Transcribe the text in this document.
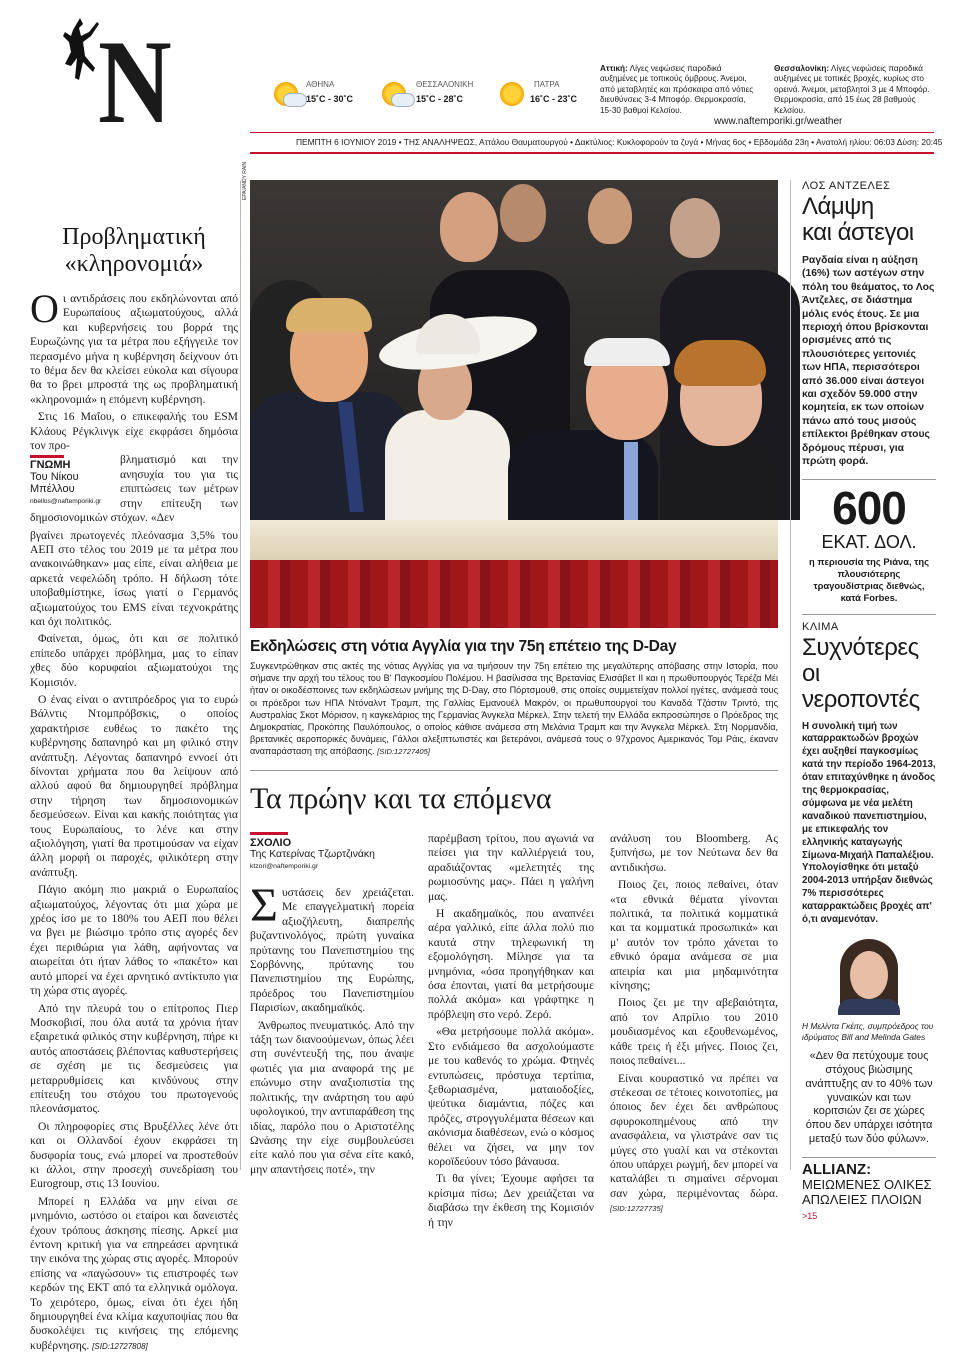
N	ΑΘΗΝΑ
15˚C - 30˚C
ΘΕΣΣΑΛΟΝΙΚΗ
15˚C - 28˚C
ΠΑΤΡΑ
16˚C - 23˚C
Αττική: Λίγες νεφώσεις παροδικά αυξημένες με τοπικούς όμβρους. Άνεμοι, από μεταβλητές και πρόσκαιρα από νότιες διευθύνσεις 3-4 Μποφόρ. Θερμοκρασία, 15-30 βαθμοί Κελσίου.
Θεσσαλονίκη: Λίγες νεφώσεις παροδικά αυξημένες με τοπικές βροχές, κυρίως στο ορεινά. Άνεμοι, μεταβλητοί 3 με 4 Μποφόρ. Θερμοκρασία, από 15 έως 28 βαθμούς Κελσίου.
www.naftemporiki.gr/weather
ΠΕΜΠΤΗ 6 ΙΟΥΝΙΟΥ 2019 • ΤΗΣ ΑΝΑΛΗΨΕΩΣ, Αττάλου Θαυματουργού • Δακτύλιος: Κυκλοφορούν τα ζυγά • Μήνας 6ος • Εβδομάδα 23η • Ανατολή ηλίου: 06:03 Δύση: 20:45
Προβληματική
«κληρονομιά»
Ο ι αντιδράσεις που εκδηλώνονται από Ευρωπαίους αξιωματούχους, αλλά και κυβερνήσεις του βορρά της Ευρωζώνης για τα μέτρα που εξήγγειλε τον περασμένο μήνα η κυβέρνηση δείχνουν ότι το θέμα δεν θα κλείσει εύκολα και σίγουρα θα το βρει μπροστά της ως προβληματική «κληρονομιά» η επόμενη κυβέρνηση.

Στις 16 Μαΐου, ο επικεφαλής του ESM Κλάους Ρέγκλινγκ είχε εκφράσει δημόσια τον προ-

ΓΝΩΜΗ
Του Νίκου
Μπέλλου
nbellos@naftemporiki.gr

βληματισμό και την ανησυχία του για τις επιπτώσεις των μέτρων στην επίτευξη των δημοσιονομικών στόχων. «Δεν

βγαίνει πρωτογενές πλεόνασμα 3,5% του ΑΕΠ στο τέλος του 2019 με τα μέτρα που ανακοινώθηκαν» μας είπε, είναι αλήθεια με αρκετά νεφελώδη τρόπο. Η δήλωση τότε υποβαθμίστηκε, ίσως γιατί ο Γερμανός αξιωματούχος του EMS είναι τεχνοκράτης και όχι πολιτικός.

Φαίνεται, όμως, ότι και σε πολιτικό επίπεδο υπάρχει πρόβλημα, μας το είπαν χθες δύο κορυφαίοι αξιωματούχοι της Κομισιόν.

Ο ένας είναι ο αντιπρόεδρος για το ευρώ Βάλντις Ντομπρόβσκις, ο οποίος χαρακτήρισε ευθέως το πακέτο της κυβέρνησης δαπανηρό και μη φιλικό στην ανάπτυξη. Λέγοντας δαπανηρό εννοεί ότι δίνονται χρήματα που θα λείψουν από αλλού αφού θα δημιουργηθεί πρόβλημα στην τήρηση των δημοσιονομικών δεσμεύσεων. Είναι και κακής ποιότητας για τους Ευρωπαίους, το λένε και στην αξιολόγηση, γιατί θα προτιμούσαν να είχαν άλλη μορφή οι παροχές, φιλικότερη στην ανάπτυξη.

Πάγιο ακόμη πιο μακριά ο Ευρωπαίος αξιωματούχος, λέγοντας ότι μια χώρα με χρέος ίσο με το 180% του ΑΕΠ που θέλει να βγει με βιώσιμο τρόπο στις αγορές δεν έχει περιθώρια για λάθη, αφήνοντας να αιωρείται ότι ήταν λάθος το «πακέτο» και αυτό μπορεί να έχει αρνητικό αντίκτυπο για τη χώρα στις αγορές.

Από την πλευρά του ο επίτροπος Πιερ Μοσκοβισί, που όλα αυτά τα χρόνια ήταν εξαιρετικά φιλικός στην κυβέρνηση, πήρε κι αυτός αποστάσεις βλέποντας καθυστερήσεις σε σχέση με τις δεσμεύσεις για μεταρρυθμίσεις και κινδύνους στην επίτευξη του στόχου του πρωτογενούς πλεονάσματος.

Οι πληροφορίες στις Βρυξέλλες λένε ότι και οι Ολλανδοί έχουν εκφράσει τη δυσφορία τους, ενώ μπορεί να προστεθούν κι άλλοι, στην προσεχή συνεδρίαση του Eurogroup, στις 13 Ιουνίου.

Μπορεί η Ελλάδα να μην είναι σε μνημόνιο, ωστόσο οι εταίροι και δανειστές έχουν τρόπους άσκησης πίεσης. Αρκεί μια έντονη κριτική για να επηρεάσει αρνητικά την εικόνα της χώρας στις αγορές. Μπορούν επίσης να «παγώσουν» τις επιστροφές των κερδών της ΕΚΤ από τα ελληνικά ομόλογα. Το χειρότερο, όμως, είναι ότι έχει ήδη δημιουργηθεί ένα κλίμα καχυποψίας που θα δυσκολέψει τις κινήσεις της επόμενης κυβέρνησης. [SID:12727808]

EPA/ANDY RAIN
Εκδηλώσεις στη νότια Αγγλία για την 75η επέτειο της D-Day
Συγκεντρώθηκαν στις ακτές της νότιας Αγγλίας για να τιμήσουν την 75η επέτειο της μεγαλύτερης απόβασης στην Ιστορία, που σήμανε την αρχή του τέλους του Β' Παγκοσμίου Πολέμου. Η βασίλισσα της Βρετανίας Ελισάβετ ΙΙ και η πρωθυπουργός Τερέζα Μέι ήταν οι οικοδέσποινες των εκδηλώσεων μνήμης της D-Day, στο Πόρτσμουθ, στις οποίες συμμετείχαν πολλοί ηγέτες, ανάμεσά τους οι πρόεδροι των ΗΠΑ Ντόναλντ Τραμπ, της Γαλλίας Εμανουέλ Μακρόν, οι πρωθυπουργοί του Καναδά Τζάστιν Τριντό, της Αυστραλίας Σκοτ Μόρισον, η καγκελάριος της Γερμανίας Άνγκελα Μέρκελ. Στην τελετή την Ελλάδα εκπροσώπησε ο Πρόεδρος της Δημοκρατίας, Προκόπης Παυλόπουλος, ο οποίος κάθισε ανάμεσα στη Μελάνια Τραμπ και την Άνγκελα Μέρκελ. Στη Νορμανδία, βρετανικές αεροπορικές δυνάμεις, Γάλλοι αλεξιπτωτιστές και βετεράνοι, ανάμεσά τους ο 97χρονος Αμερικανός Τομ Ράις, έκαναν αναπαράσταση της απόβασης. [SID:12727405]
Τα πρώην και τα επόμενα
ΣΧΟΛΙΟ
Της Κατερίνας Τζωρτζινάκη
ktzori@naftemporiki.gr
Σ υστάσεις δεν χρειάζεται. Με επαγγελματική πορεία αξιοζήλευτη, διαπρεπής βυζαντινολόγος, πρώτη γυναίκα πρύτανης του Πανεπιστημίου της Σορβόννης, πρύτανης του Πανεπιστημίου της Ευρώπης, πρόεδρος του Πανεπιστημίου Παρισίων, ακαδημαϊκός.

Άνθρωπος πνευματικός. Από την τάξη των διανοούμενων, όπως λέει στη συνέντευξή της, που άναψε φωτιές για μια αναφορά της με επώνυμο στην αναξιοπιστία της πολιτικής, την ανάρτηση του αφύ υφολογικού, την αντιπαράθεση της ιδίας, παρόλο που ο Αριστοτέλης Ωνάσης την είχε συμβουλεύσει είτε καλό που για σένα είτε κακό, μην απαντήσεις ποτέ», την

παρέμβαση τρίτου, που αγωνιά να πείσει για την καλλιέργειά του, αραδιάζοντας «μελετητές της ρωμιοσύνης μας». Πάει η γαλήνη μας.

Η ακαδημαϊκός, που αναπνέει αέρα γαλλικό, είπε άλλα πολύ πιο καυτά στην τηλεφωνική τη εξομολόγηση. Μίλησε για τα μνημόνια, «όσα προηγήθηκαν και όσα έπονται, γιατί θα μετρήσουμε πολλά ακόμα» και γράφτηκε η πρόβλεψη στο νερό. Ζερό.

«Θα μετρήσουμε πολλά ακόμα». Στο ενδιάμεσο θα ασχολούμαστε με του καθενός το χρώμα. Φτηνές εντυπώσεις, πρόστυχα τερτίπια, ξεθωριασμένα, ματαιοδοξίες, ψεύτικα διαμάντια, πόζες και πρόζες, στρογγυλέματα θέσεων και ακόνισμα διαθέσεων, ενώ ο κόσμος θέλει να ζήσει, να μην τον κοροϊδεύουν τόσο βάναυσα.

Τι θα γίνει; Έχουμε αφήσει τα κρίσιμα πίσω; Δεν χρειάζεται να διαβάσω την έκθεση της Κομισιόν ή την

ανάλυση του Bloomberg. Ας ξυπνήσω, με τον Νεύτωνα δεν θα αντιδικήσω.

Ποιος ζει, ποιος πεθαίνει, όταν «τα εθνικά θέματα γίνονται πολιτικά, τα πολιτικά κομματικά και τα κομματικά προσωπικά» και μ' αυτόν τον τρόπο χάνεται το εθνικό όραμα ανάμεσα σε μια απειρία και μια μηδαμινότητα κίνησης;

Ποιος ζει με την αβεβαιότητα, από τον Απρίλιο του 2010 μουδιασμένος και εξουθενωμένος, κάθε τρεις ή έξι μήνες. Ποιος ζει, ποιος πεθαίνει...

Είναι κουραστικό να πρέπει να στέκεσαι σε τέτοιες κοινοτοπίες, μα όποιος δεν έχει δει ανθρώπους σφυροκοπημένους από την ανασφάλεια, να γλιστράνε σαν τις μύγες στο γυαλί και να στέκονται όπου υπάρχει ρωγμή, δεν μπορεί να καταλάβει τι σημαίνει σέρνομαι σαν χώρα, περιμένοντας δώρα. [SID:12727735]

ΛΟΣ ΑΝΤΖΕΛΕΣ
Λάμψη
και άστεγοι
Ραγδαία είναι η αύξηση (16%) των αστέγων στην πόλη του θεάματος, το Λος Άντζελες, σε διάστημα μόλις ενός έτους. Σε μια περιοχή όπου βρίσκονται ορισμένες από τις πλουσιότερες γειτονιές των ΗΠΑ, περισσότεροι από 36.000 είναι άστεγοι και σχεδόν 59.000 στην κομητεία, εκ των οποίων πάνω από τους μισούς επίλεκτοι βρέθηκαν στους δρόμους πέρυσι, για πρώτη φορά.
600
ΕΚΑΤ. ΔΟΛ.
η περιουσία της Ριάνα, της πλουσιότερης τραγουδίστριας διεθνώς, κατά Forbes.
ΚΛΙΜΑ
Συχνότερες
οι νεροποντές
Η συνολική τιμή των καταρρακτωδών βροχών έχει αυξηθεί παγκοσμίως κατά την περίοδο 1964-2013, όταν επιταχύνθηκε η άνοδος της θερμοκρασίας, σύμφωνα με νέα μελέτη καναδικού πανεπιστημίου, με επικεφαλής τον ελληνικής καταγωγής Σίμωνα-Μιχαήλ Παπαλέξιου. Υπολογίσθηκε ότι μεταξύ 2004-2013 υπήρξαν διεθνώς 7% περισσότερες καταρρακτώδεις βροχές απ' ό,τι αναμενόταν.
Η Μελίντα Γκέιτς, συμπρόεδρος του ιδρύματος Bill and Melinda Gates
«Δεν θα πετύχουμε τους στόχους βιώσιμης ανάπτυξης αν το 40% των γυναικών και των κοριτσιών ζει σε χώρες όπου δεν υπάρχει ισότητα μεταξύ των δύο φύλων».
ALLIANZ:
ΜΕΙΩΜΕΝΕΣ ΟΛΙΚΕΣ
ΑΠΩΛΕΙΕΣ ΠΛΟΙΩΝ >15
